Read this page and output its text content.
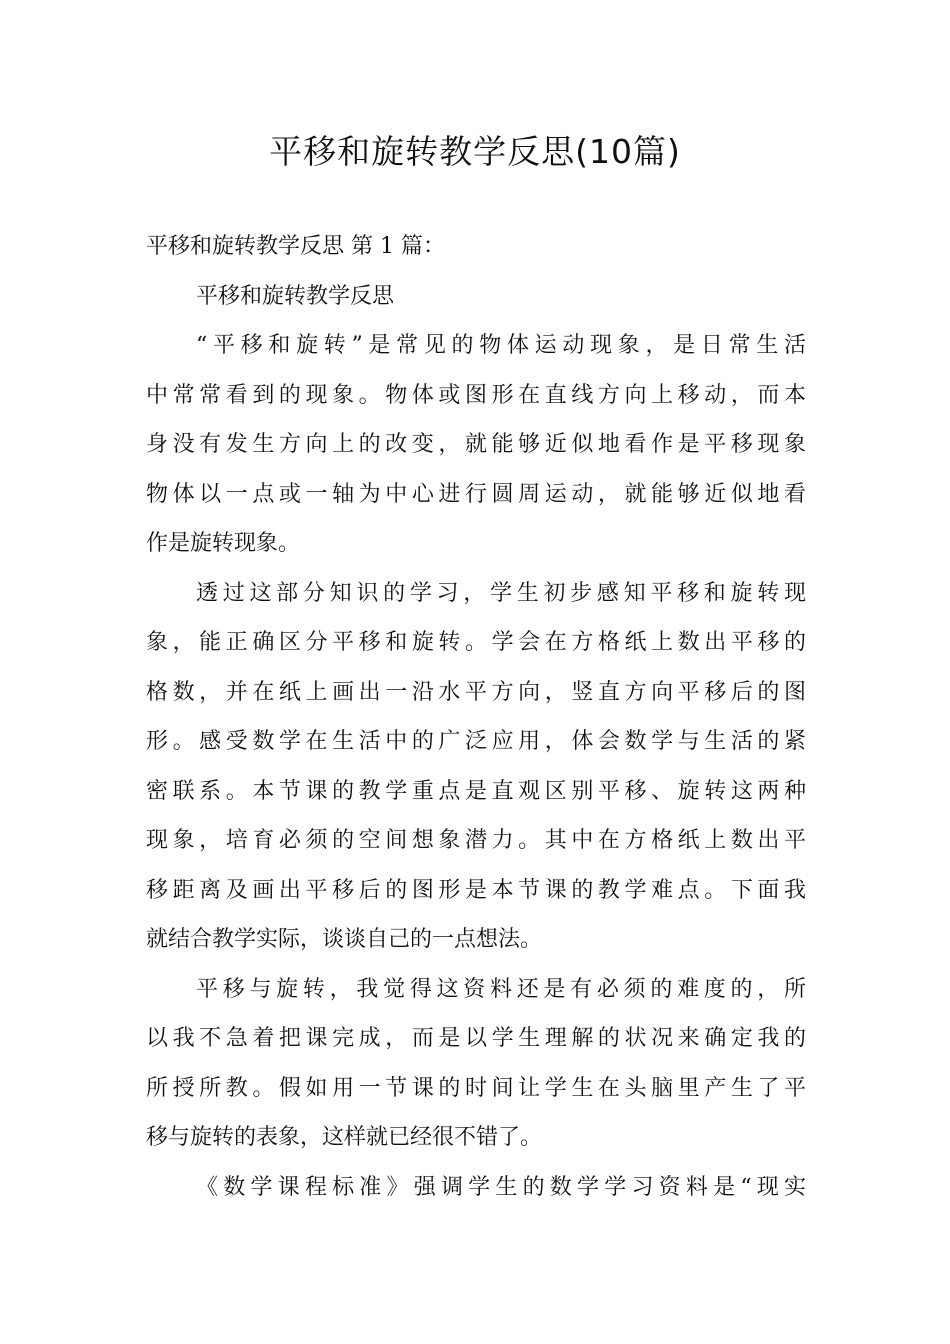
平移和旋转教学反思(10篇)

平移和旋转教学反思 第 1 篇：

平移和旋转教学反思

“平移和旋转”是常见的物体运动现象，是日常生活

中常常看到的现象。物体或图形在直线方向上移动，而本

身没有发生方向上的改变，就能够近似地看作是平移现象

物体以一点或一轴为中心进行圆周运动，就能够近似地看

作是旋转现象。

透过这部分知识的学习，学生初步感知平移和旋转现

象，能正确区分平移和旋转。学会在方格纸上数出平移的

格数，并在纸上画出一沿水平方向，竖直方向平移后的图

形。感受数学在生活中的广泛应用，体会数学与生活的紧

密联系。本节课的教学重点是直观区别平移、旋转这两种

现象，培育必须的空间想象潜力。其中在方格纸上数出平

移距离及画出平移后的图形是本节课的教学难点。下面我

就结合教学实际，谈谈自己的一点想法。

平移与旋转，我觉得这资料还是有必须的难度的，所

以我不急着把课完成，而是以学生理解的状况来确定我的

所授所教。假如用一节课的时间让学生在头脑里产生了平

移与旋转的表象，这样就已经很不错了。

《数学课程标准》强调学生的数学学习资料是“现实
